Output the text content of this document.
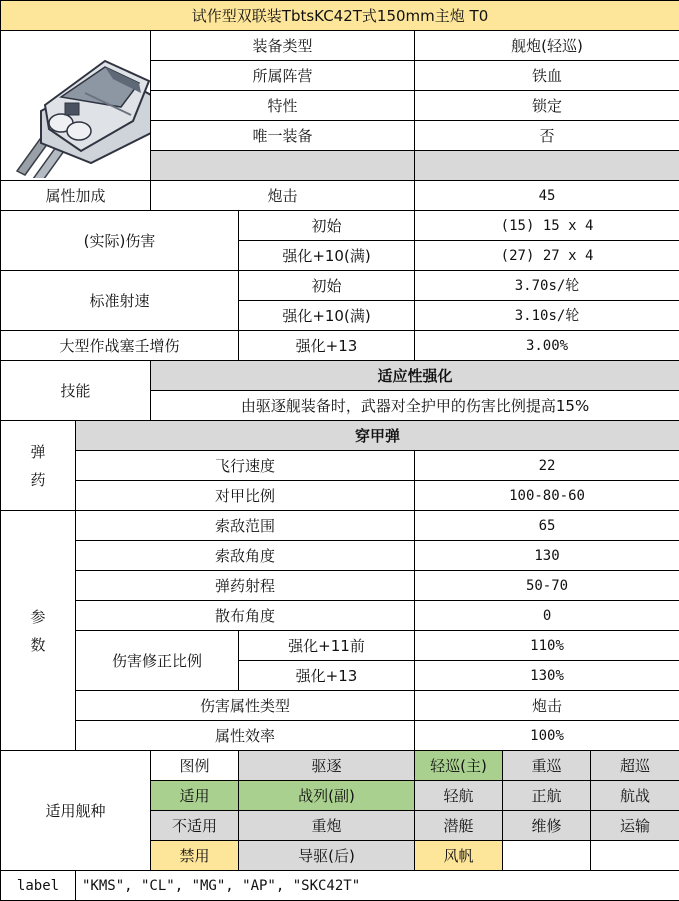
试作型双联装TbtsKC42T式150mm主炮 T0							

	装备类型		舰炮(轻巡)			
		所属阵营		铁血			
		特性		锁定			
		唯一装备		否			

属性加成		炮击		45			
(实际)伤害			初始	(15) 15 x 4			
			强化+10(满)	(27) 27 x 4			
标准射速			初始	3.70s/轮			
			强化+10(满)	3.10s/轮			
大型作战塞壬增伤			强化+13	3.00%			
技能		适应性强化					
		由驱逐舰装备时，武器对全护甲的伤害比例提高15%					
弹药	穿甲弹						
	飞行速度			22			
	对甲比例			100-80-60			
参数	索敌范围			65			
	索敌角度			130			
	弹药射程			50-70			
	散布角度			0			
	伤害修正比例		强化+11前	110%			
			强化+13	130%			
	伤害属性类型			炮击			
	属性效率			100%			
适用舰种		图例	驱逐	轻巡(主)	重巡	超巡	
		适用	战列(副)	轻航	正航	航战	
		不适用	重炮	潜艇	维修	运输	
		禁用	导驱(后)	风帆			
label	"KMS", "CL", "MG", "AP", "SKC42T"						
